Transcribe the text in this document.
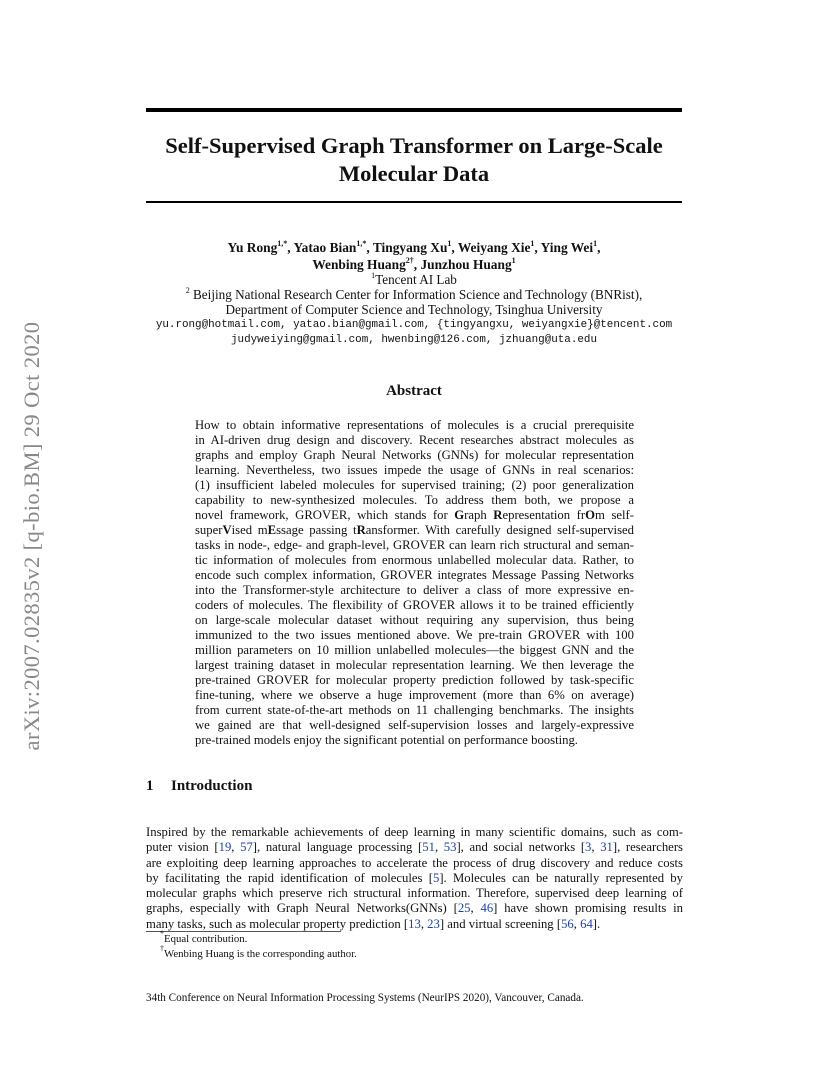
arXiv:2007.02835v2 [q-bio.BM] 29 Oct 2020
Self-Supervised Graph Transformer on Large-Scale
Molecular Data
Yu Rong$^{1,*}$, Yatao Bian$^{1,*}$, Tingyang Xu$^1$, Weiyang Xie$^1$, Ying Wei$^1$,
Wenbing Huang$^{2\dagger}$, Junzhou Huang$^1$
$^1$Tencent AI Lab
$^2$ Beijing National Research Center for Information Science and Technology (BNRist),
Department of Computer Science and Technology, Tsinghua University
yu.rong@hotmail.com, yatao.bian@gmail.com, {tingyangxu, weiyangxie}@tencent.com
judyweiying@gmail.com, hwenbing@126.com, jzhuang@uta.edu
Abstract
How to obtain informative representations of molecules is a crucial prerequisite
in AI-driven drug design and discovery. Recent researches abstract molecules as
graphs and employ Graph Neural Networks (GNNs) for molecular representation
learning. Nevertheless, two issues impede the usage of GNNs in real scenarios:
(1) insufficient labeled molecules for supervised training; (2) poor generalization
capability to new-synthesized molecules. To address them both, we propose a
novel framework, GROVER, which stands for Graph Representation frOm self-
superVised mEssage passing tRansformer. With carefully designed self-supervised
tasks in node-, edge- and graph-level, GROVER can learn rich structural and seman-
tic information of molecules from enormous unlabelled molecular data. Rather, to
encode such complex information, GROVER integrates Message Passing Networks
into the Transformer-style architecture to deliver a class of more expressive en-
coders of molecules. The flexibility of GROVER allows it to be trained efficiently
on large-scale molecular dataset without requiring any supervision, thus being
immunized to the two issues mentioned above. We pre-train GROVER with 100
million parameters on 10 million unlabelled molecules—the biggest GNN and the
largest training dataset in molecular representation learning. We then leverage the
pre-trained GROVER for molecular property prediction followed by task-specific
fine-tuning, where we observe a huge improvement (more than 6% on average)
from current state-of-the-art methods on 11 challenging benchmarks. The insights
we gained are that well-designed self-supervision losses and largely-expressive
pre-trained models enjoy the significant potential on performance boosting.
1 Introduction
Inspired by the remarkable achievements of deep learning in many scientific domains, such as com-
puter vision [19, 57], natural language processing [51, 53], and social networks [3, 31], researchers
are exploiting deep learning approaches to accelerate the process of drug discovery and reduce costs
by facilitating the rapid identification of molecules [5]. Molecules can be naturally represented by
molecular graphs which preserve rich structural information. Therefore, supervised deep learning of
graphs, especially with Graph Neural Networks(GNNs) [25, 46] have shown promising results in
many tasks, such as molecular property prediction [13, 23] and virtual screening [56, 64].
*Equal contribution.
†Wenbing Huang is the corresponding author.
34th Conference on Neural Information Processing Systems (NeurIPS 2020), Vancouver, Canada.
